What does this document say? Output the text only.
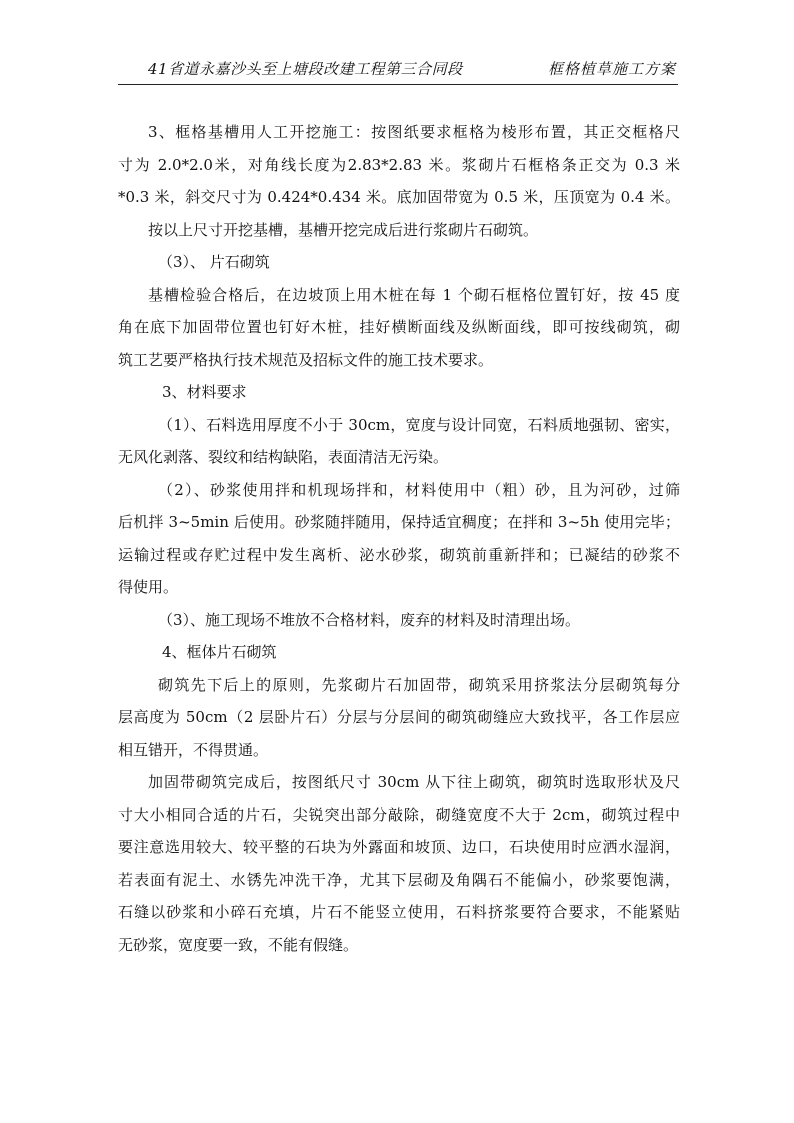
41省道永嘉沙头至上塘段改建工程第三合同段	框格植草施工方案
3、框格基槽用人工开挖施工：按图纸要求框格为棱形布置，其正交框格尺
寸为 2.0*2.0米，对角线长度为2.83*2.83 米。浆砌片石框格条正交为 0.3 米
*0.3 米，斜交尺寸为 0.424*0.434 米。底加固带宽为 0.5 米，压顶宽为 0.4 米。
按以上尺寸开挖基槽，基槽开挖完成后进行浆砌片石砌筑。
（3）、 片石砌筑
基槽检验合格后，在边坡顶上用木桩在每 1 个砌石框格位置钉好，按 45 度
角在底下加固带位置也钉好木桩，挂好横断面线及纵断面线，即可按线砌筑，砌
筑工艺要严格执行技术规范及招标文件的施工技术要求。
3、材料要求
（1）、石料选用厚度不小于 30cm，宽度与设计同宽，石料质地强韧、密实，
无风化剥落、裂纹和结构缺陷，表面清洁无污染。
（2）、砂浆使用拌和机现场拌和，材料使用中（粗）砂，且为河砂，过筛
后机拌 3~5min 后使用。砂浆随拌随用，保持适宜稠度；在拌和 3~5h 使用完毕；
运输过程或存贮过程中发生离析、泌水砂浆，砌筑前重新拌和；已凝结的砂浆不
得使用。
（3）、施工现场不堆放不合格材料，废弃的材料及时清理出场。
4、框体片石砌筑
砌筑先下后上的原则，先浆砌片石加固带，砌筑采用挤浆法分层砌筑每分
层高度为 50cm（2 层卧片石）分层与分层间的砌筑砌缝应大致找平，各工作层应
相互错开，不得贯通。
加固带砌筑完成后，按图纸尺寸 30cm 从下往上砌筑，砌筑时选取形状及尺
寸大小相同合适的片石，尖锐突出部分敲除，砌缝宽度不大于 2cm，砌筑过程中
要注意选用较大、较平整的石块为外露面和坡顶、边口，石块使用时应洒水湿润，
若表面有泥土、水锈先冲洗干净，尤其下层砌及角隅石不能偏小，砂浆要饱满，
石缝以砂浆和小碎石充填，片石不能竖立使用，石料挤浆要符合要求，不能紧贴
无砂浆，宽度要一致，不能有假缝。
